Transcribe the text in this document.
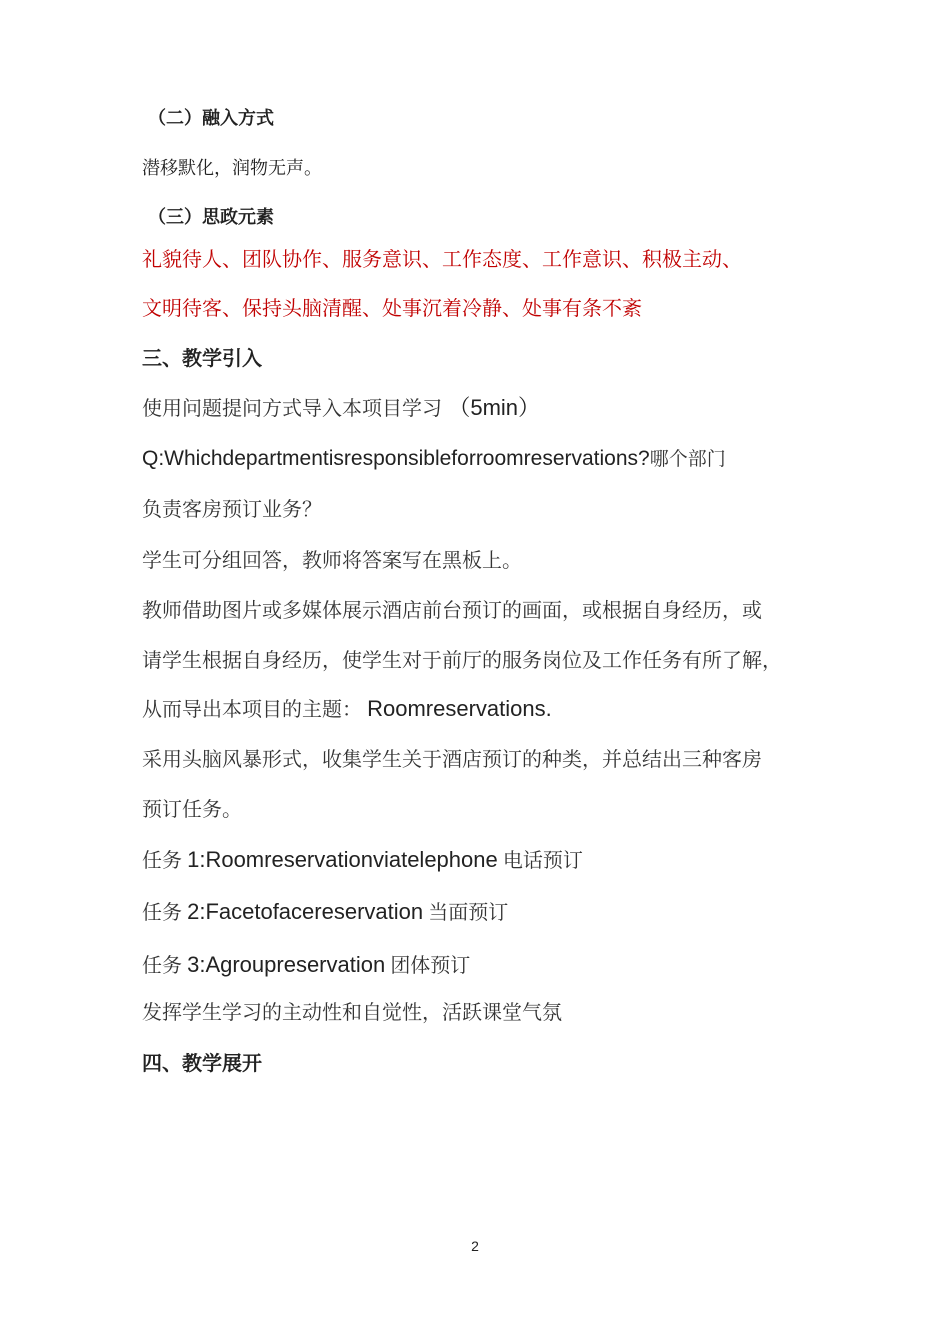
（二）融入方式
潜移默化，润物无声。
（三）思政元素
礼貌待人、团队协作、服务意识、工作态度、工作意识、积极主动、
文明待客、保持头脑清醒、处事沉着冷静、处事有条不紊
三、教学引入
使用问题提问方式导入本项目学习 （5min）
Q:Whichdepartmentisresponsibleforroomreservations?哪个部门
负责客房预订业务？
学生可分组回答，教师将答案写在黑板上。
教师借助图片或多媒体展示酒店前台预订的画面，或根据自身经历，或
请学生根据自身经历，使学生对于前厅的服务岗位及工作任务有所了解，
从而导出本项目的主题： Roomreservations.
采用头脑风暴形式，收集学生关于酒店预订的种类，并总结出三种客房
预订任务。
任务 1:Roomreservationviatelephone 电话预订
任务 2:Facetofacereservation 当面预订
任务 3:Agroupreservation 团体预订
发挥学生学习的主动性和自觉性，活跃课堂气氛
四、教学展开
2
